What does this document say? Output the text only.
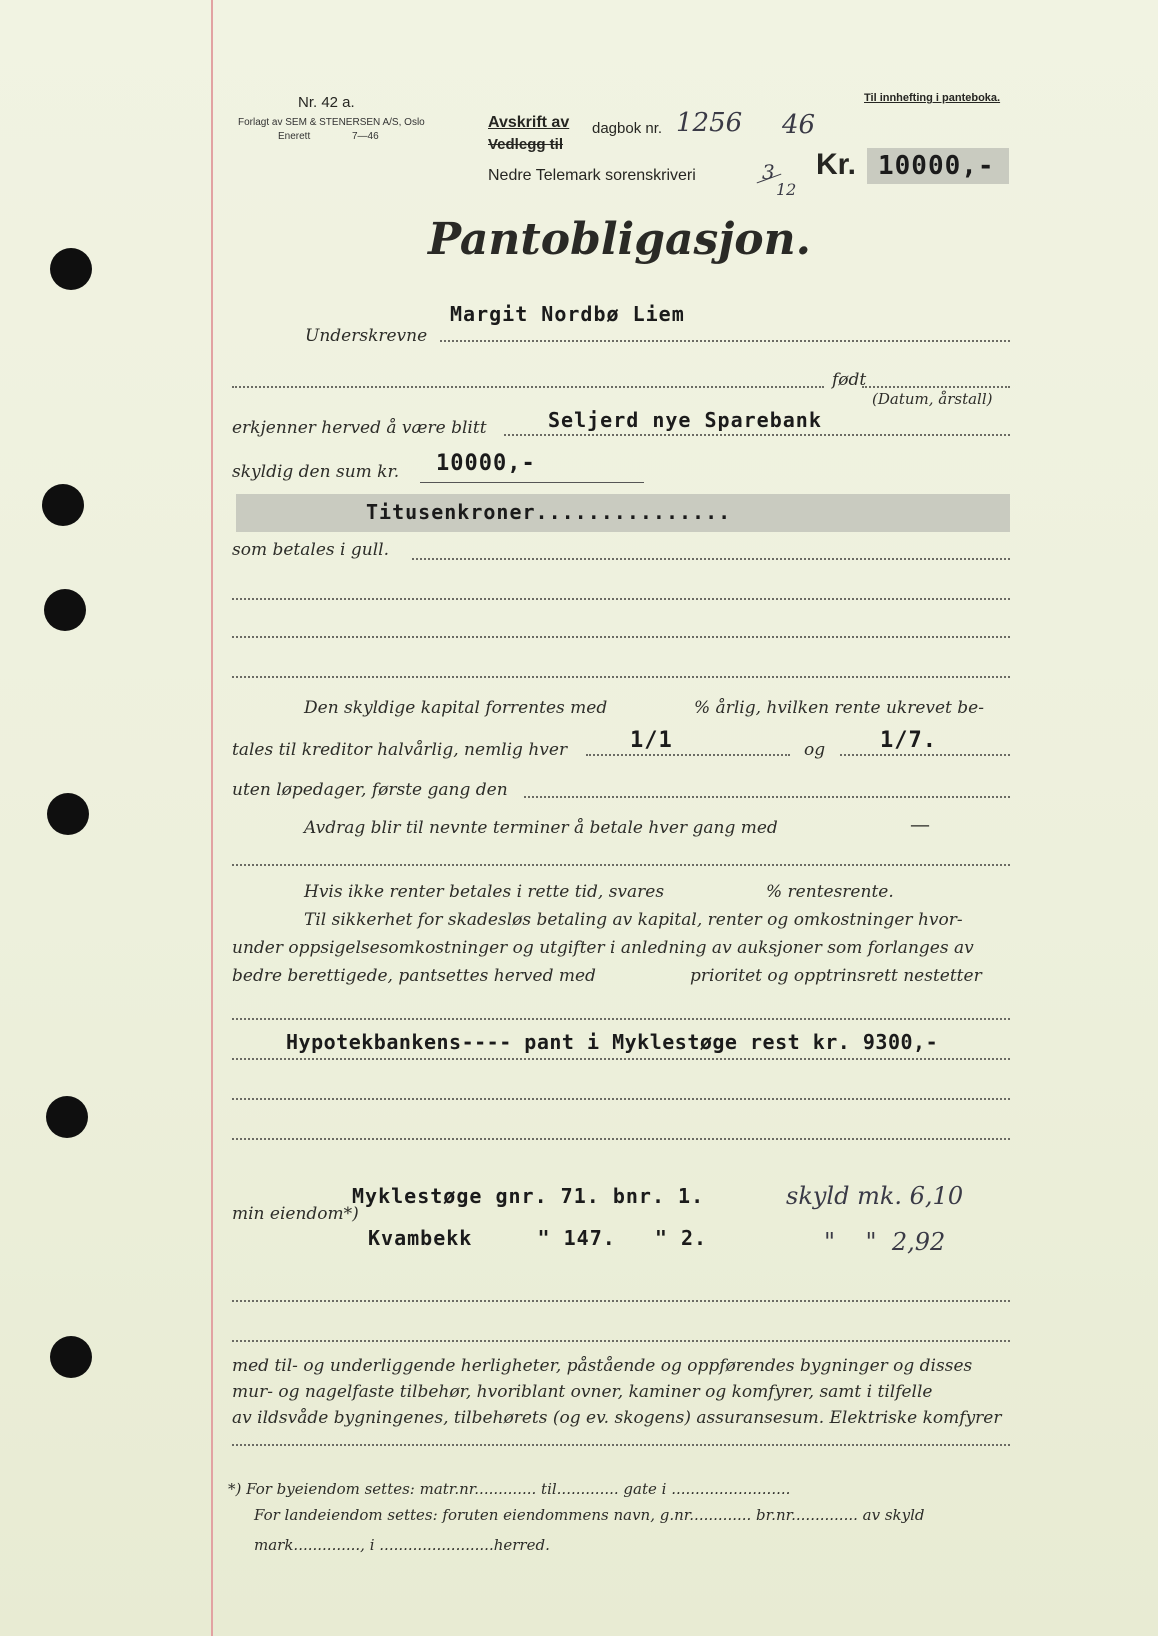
Nr. 42 a.
Forlagt av SEM & STENERSEN A/S, Oslo
Enerett	7—46
Til innhefting i panteboka.
Avskrift av dagbok nr. 1256 46
Vedlegg til
Nedre Telemark sorenskriveri	3
12
Kr. 10000,-
Pantobligasjon.
Underskrevne
Margit Nordbø Liem
født
(Datum, årstall)
erkjenner herved å være blitt	Seljerd nye Sparebank
skyldig den sum kr. 10000,-
Titusenkroner...............
som betales i gull.
Den skyldige kapital forrentes med	% årlig, hvilken rente ukrevet be-
tales til kreditor halvårlig, nemlig hver	1/1	og 1/7.
uten løpedager, første gang den
Avdrag blir til nevnte terminer å betale hver gang med	—
Hvis ikke renter betales i rette tid, svares	% rentesrente.
Til sikkerhet for skadesløs betaling av kapital, renter og omkostninger hvor-
under oppsigelsesomkostninger og utgifter i anledning av auksjoner som forlanges av
bedre berettigede, pantsettes herved med	prioritet og opptrinsrett nestetter
Hypotekbankens---- pant i Myklestøge rest kr. 9300,-
min eiendom*)
Myklestøge gnr. 71. bnr. 1.	skyld mk. 6,10
Kvambekk     " 147.   " 2.	"    "  2,92
med til- og underliggende herligheter, påstående og oppførendes bygninger og disses
mur- og nagelfaste tilbehør, hvoriblant ovner, kaminer og komfyrer, samt i tilfelle
av ildsvåde bygningenes, tilbehørets (og ev. skogens) assuransesum. Elektriske komfyrer
*) For byeiendom settes: matr.nr............. til............. gate i .........................
For landeiendom settes: foruten eiendommens navn, g.nr............. br.nr.............. av skyld
mark.............., i ........................herred.
